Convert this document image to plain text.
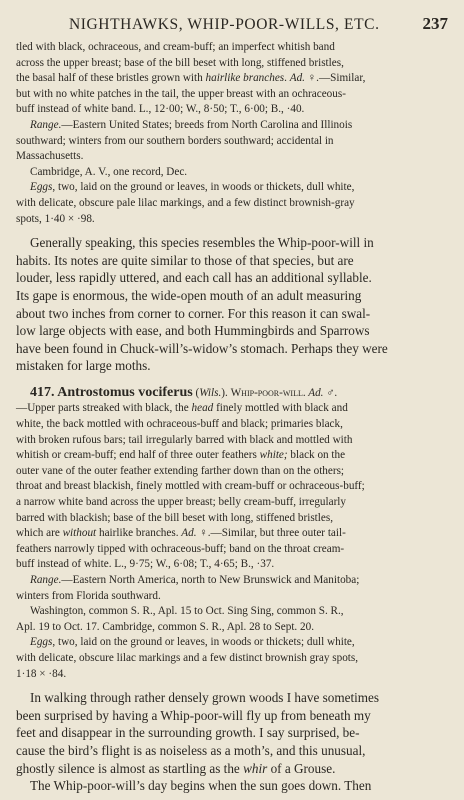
NIGHTHAWKS, WHIP-POOR-WILLS, ETC.	237

tled with black, ochraceous, and cream-buff; an imperfect whitish band
across the upper breast; base of the bill beset with long, stiffened bristles,
the basal half of these bristles grown with hairlike branches. Ad. ♀.—Similar,
but with no white patches in the tail, the upper breast with an ochraceous-
buff instead of white band. L., 12·00; W., 8·50; T., 6·00; B., ·40.

Range.—Eastern United States; breeds from North Carolina and Illinois
southward; winters from our southern borders southward; accidental in
Massachusetts.

Cambridge, A. V., one record, Dec.

Eggs, two, laid on the ground or leaves, in woods or thickets, dull white,
with delicate, obscure pale lilac markings, and a few distinct brownish-gray
spots, 1·40 × ·98.

Generally speaking, this species resembles the Whip-poor-will in
habits. Its notes are quite similar to those of that species, but are
louder, less rapidly uttered, and each call has an additional syllable.
Its gape is enormous, the wide-open mouth of an adult measuring
about two inches from corner to corner. For this reason it can swal-
low large objects with ease, and both Hummingbirds and Sparrows
have been found in Chuck-will’s-widow’s stomach. Perhaps they were
mistaken for large moths.

417. Antrostomus vociferus (Wils.). Whip-poor-will. Ad. ♂.
—Upper parts streaked with black, the head finely mottled with black and
white, the back mottled with ochraceous-buff and black; primaries black,
with broken rufous bars; tail irregularly barred with black and mottled with
whitish or cream-buff; end half of three outer feathers white; black on the
outer vane of the outer feather extending farther down than on the others;
throat and breast blackish, finely mottled with cream-buff or ochraceous-buff;
a narrow white band across the upper breast; belly cream-buff, irregularly
barred with blackish; base of the bill beset with long, stiffened bristles,
which are without hairlike branches. Ad. ♀.—Similar, but three outer tail-
feathers narrowly tipped with ochraceous-buff; band on the throat cream-
buff instead of white. L., 9·75; W., 6·08; T., 4·65; B., ·37.

Range.—Eastern North America, north to New Brunswick and Manitoba;
winters from Florida southward.

Washington, common S. R., Apl. 15 to Oct. Sing Sing, common S. R.,
Apl. 19 to Oct. 17. Cambridge, common S. R., Apl. 28 to Sept. 20.

Eggs, two, laid on the ground or leaves, in woods or thickets; dull white,
with delicate, obscure lilac markings and a few distinct brownish gray spots,
1·18 × ·84.

In walking through rather densely grown woods I have sometimes
been surprised by having a Whip-poor-will fly up from beneath my
feet and disappear in the surrounding growth. I say surprised, be-
cause the bird’s flight is as noiseless as a moth’s, and this unusual,
ghostly silence is almost as startling as the whir of a Grouse.

The Whip-poor-will’s day begins when the sun goes down. Then
